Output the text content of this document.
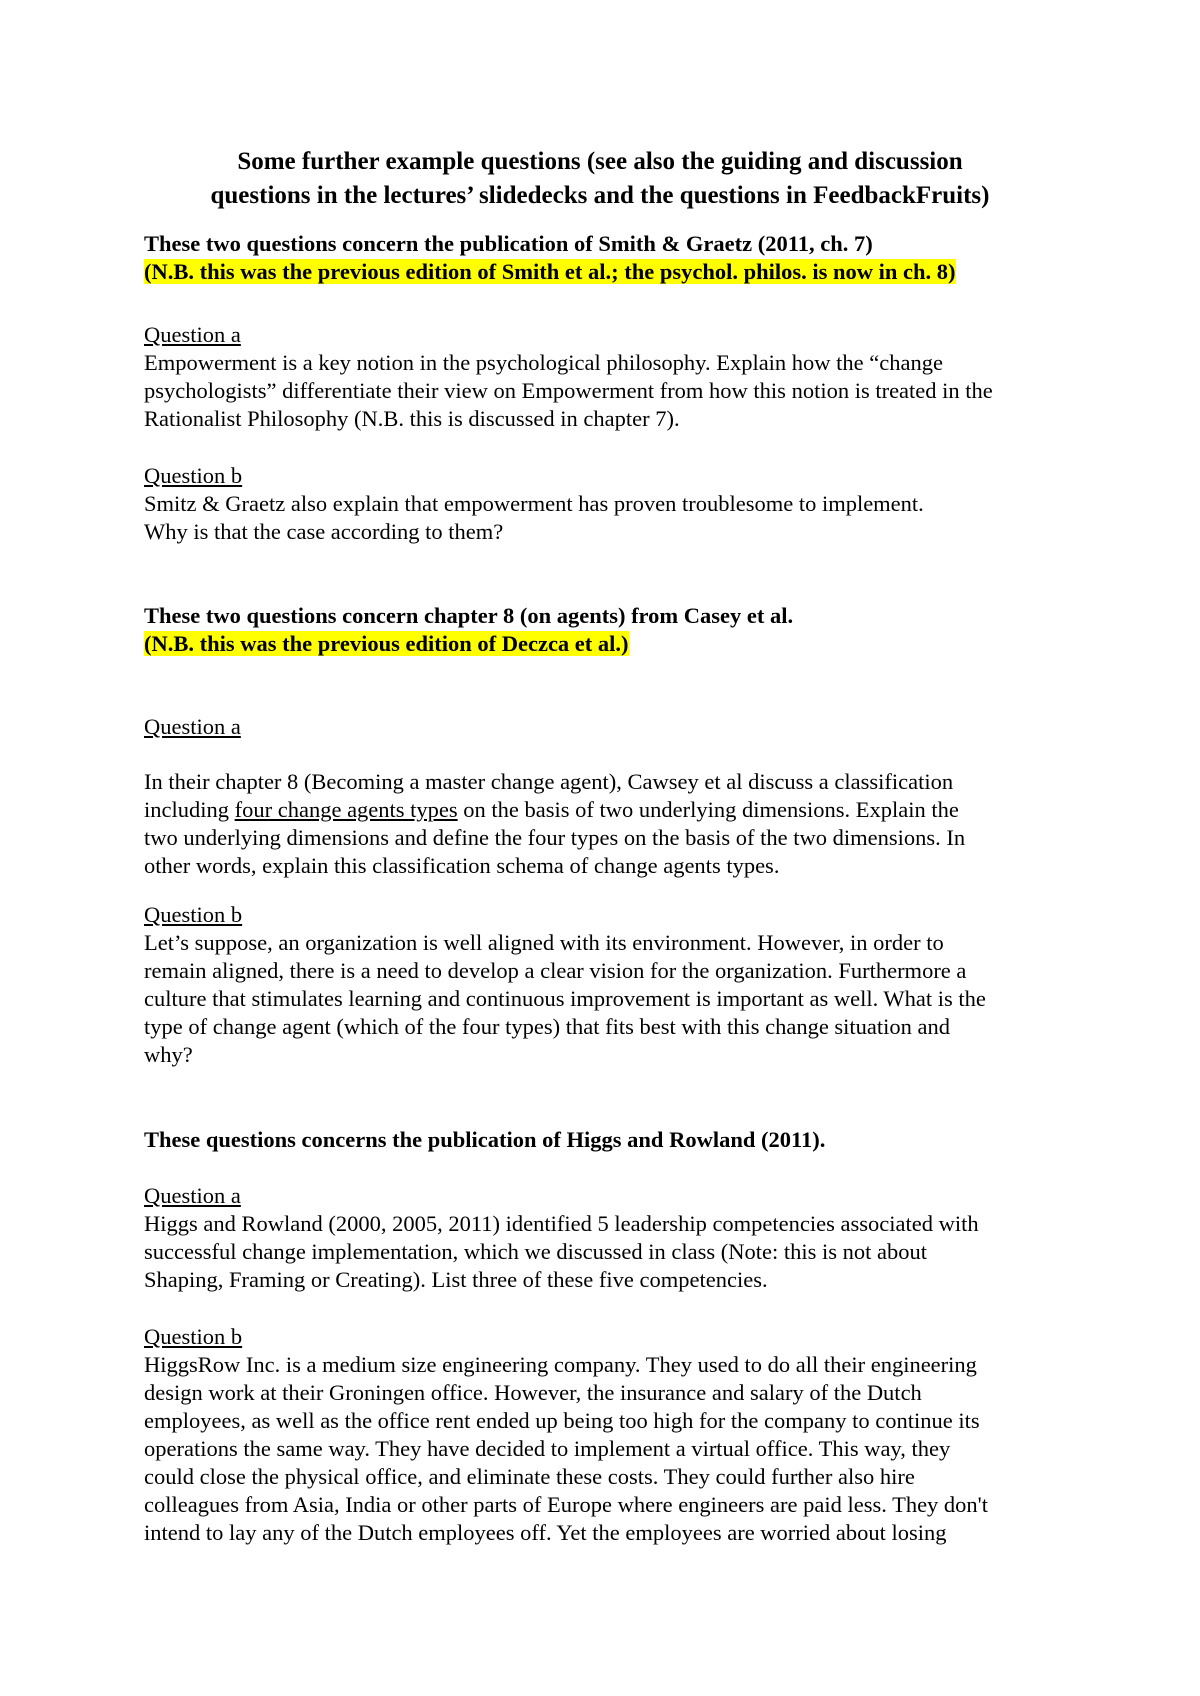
Some further example questions (see also the guiding and discussion
questions in the lectures’ slidedecks and the questions in FeedbackFruits)
These two questions concern the publication of Smith & Graetz (2011, ch. 7)
(N.B. this was the previous edition of Smith et al.; the psychol. philos. is now in ch. 8)
Question a
Empowerment is a key notion in the psychological philosophy. Explain how the “change
psychologists” differentiate their view on Empowerment from how this notion is treated in the
Rationalist Philosophy (N.B. this is discussed in chapter 7).
Question b
Smitz & Graetz also explain that empowerment has proven troublesome to implement.
Why is that the case according to them?
These two questions concern chapter 8 (on agents) from Casey et al.
(N.B. this was the previous edition of Deczca et al.)
Question a
In their chapter 8 (Becoming a master change agent), Cawsey et al discuss a classification
including four change agents types on the basis of two underlying dimensions. Explain the
two underlying dimensions and define the four types on the basis of the two dimensions. In
other words, explain this classification schema of change agents types.
Question b
Let’s suppose, an organization is well aligned with its environment. However, in order to
remain aligned, there is a need to develop a clear vision for the organization. Furthermore a
culture that stimulates learning and continuous improvement is important as well. What is the
type of change agent (which of the four types) that fits best with this change situation and
why?
These questions concerns the publication of Higgs and Rowland (2011).
Question a
Higgs and Rowland (2000, 2005, 2011) identified 5 leadership competencies associated with
successful change implementation, which we discussed in class (Note: this is not about
Shaping, Framing or Creating). List three of these five competencies.
Question b
HiggsRow Inc. is a medium size engineering company. They used to do all their engineering
design work at their Groningen office. However, the insurance and salary of the Dutch
employees, as well as the office rent ended up being too high for the company to continue its
operations the same way. They have decided to implement a virtual office. This way, they
could close the physical office, and eliminate these costs. They could further also hire
colleagues from Asia, India or other parts of Europe where engineers are paid less. They don't
intend to lay any of the Dutch employees off. Yet the employees are worried about losing
